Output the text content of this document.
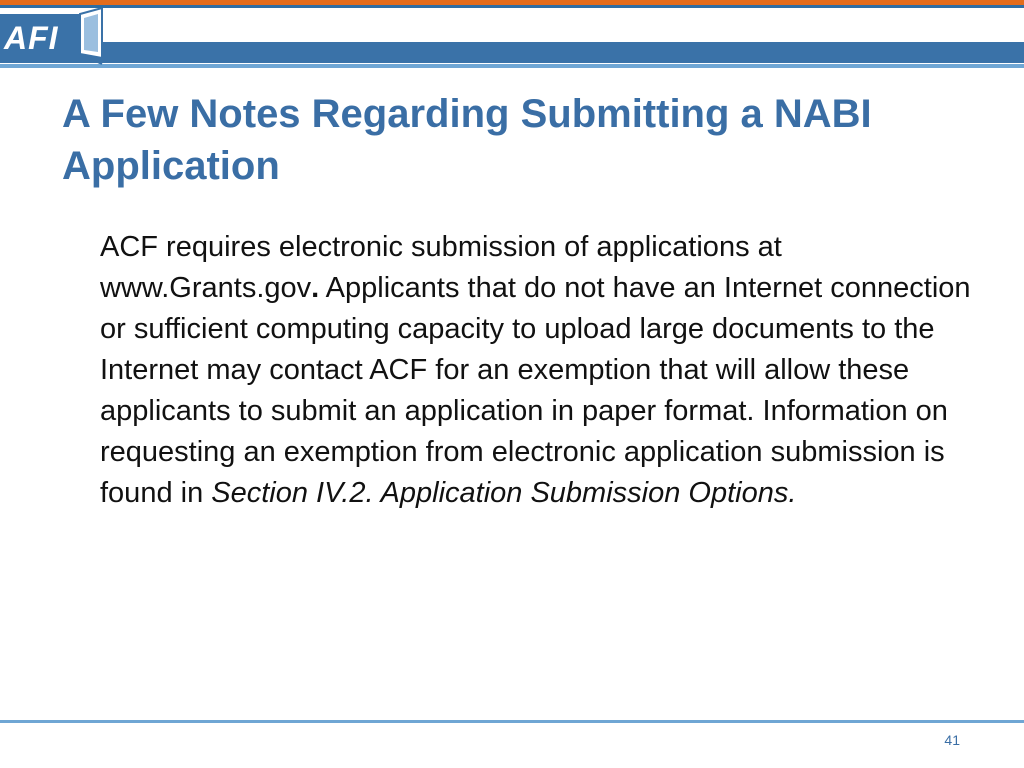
AFI
A Few Notes Regarding Submitting a NABI Application

ACF requires electronic submission of applications at www.Grants.gov. Applicants that do not have an Internet connection or sufficient computing capacity to upload large documents to the Internet may contact ACF for an exemption that will allow these applicants to submit an application in paper format. Information on requesting an exemption from electronic application submission is found in Section IV.2. Application Submission Options.

41
